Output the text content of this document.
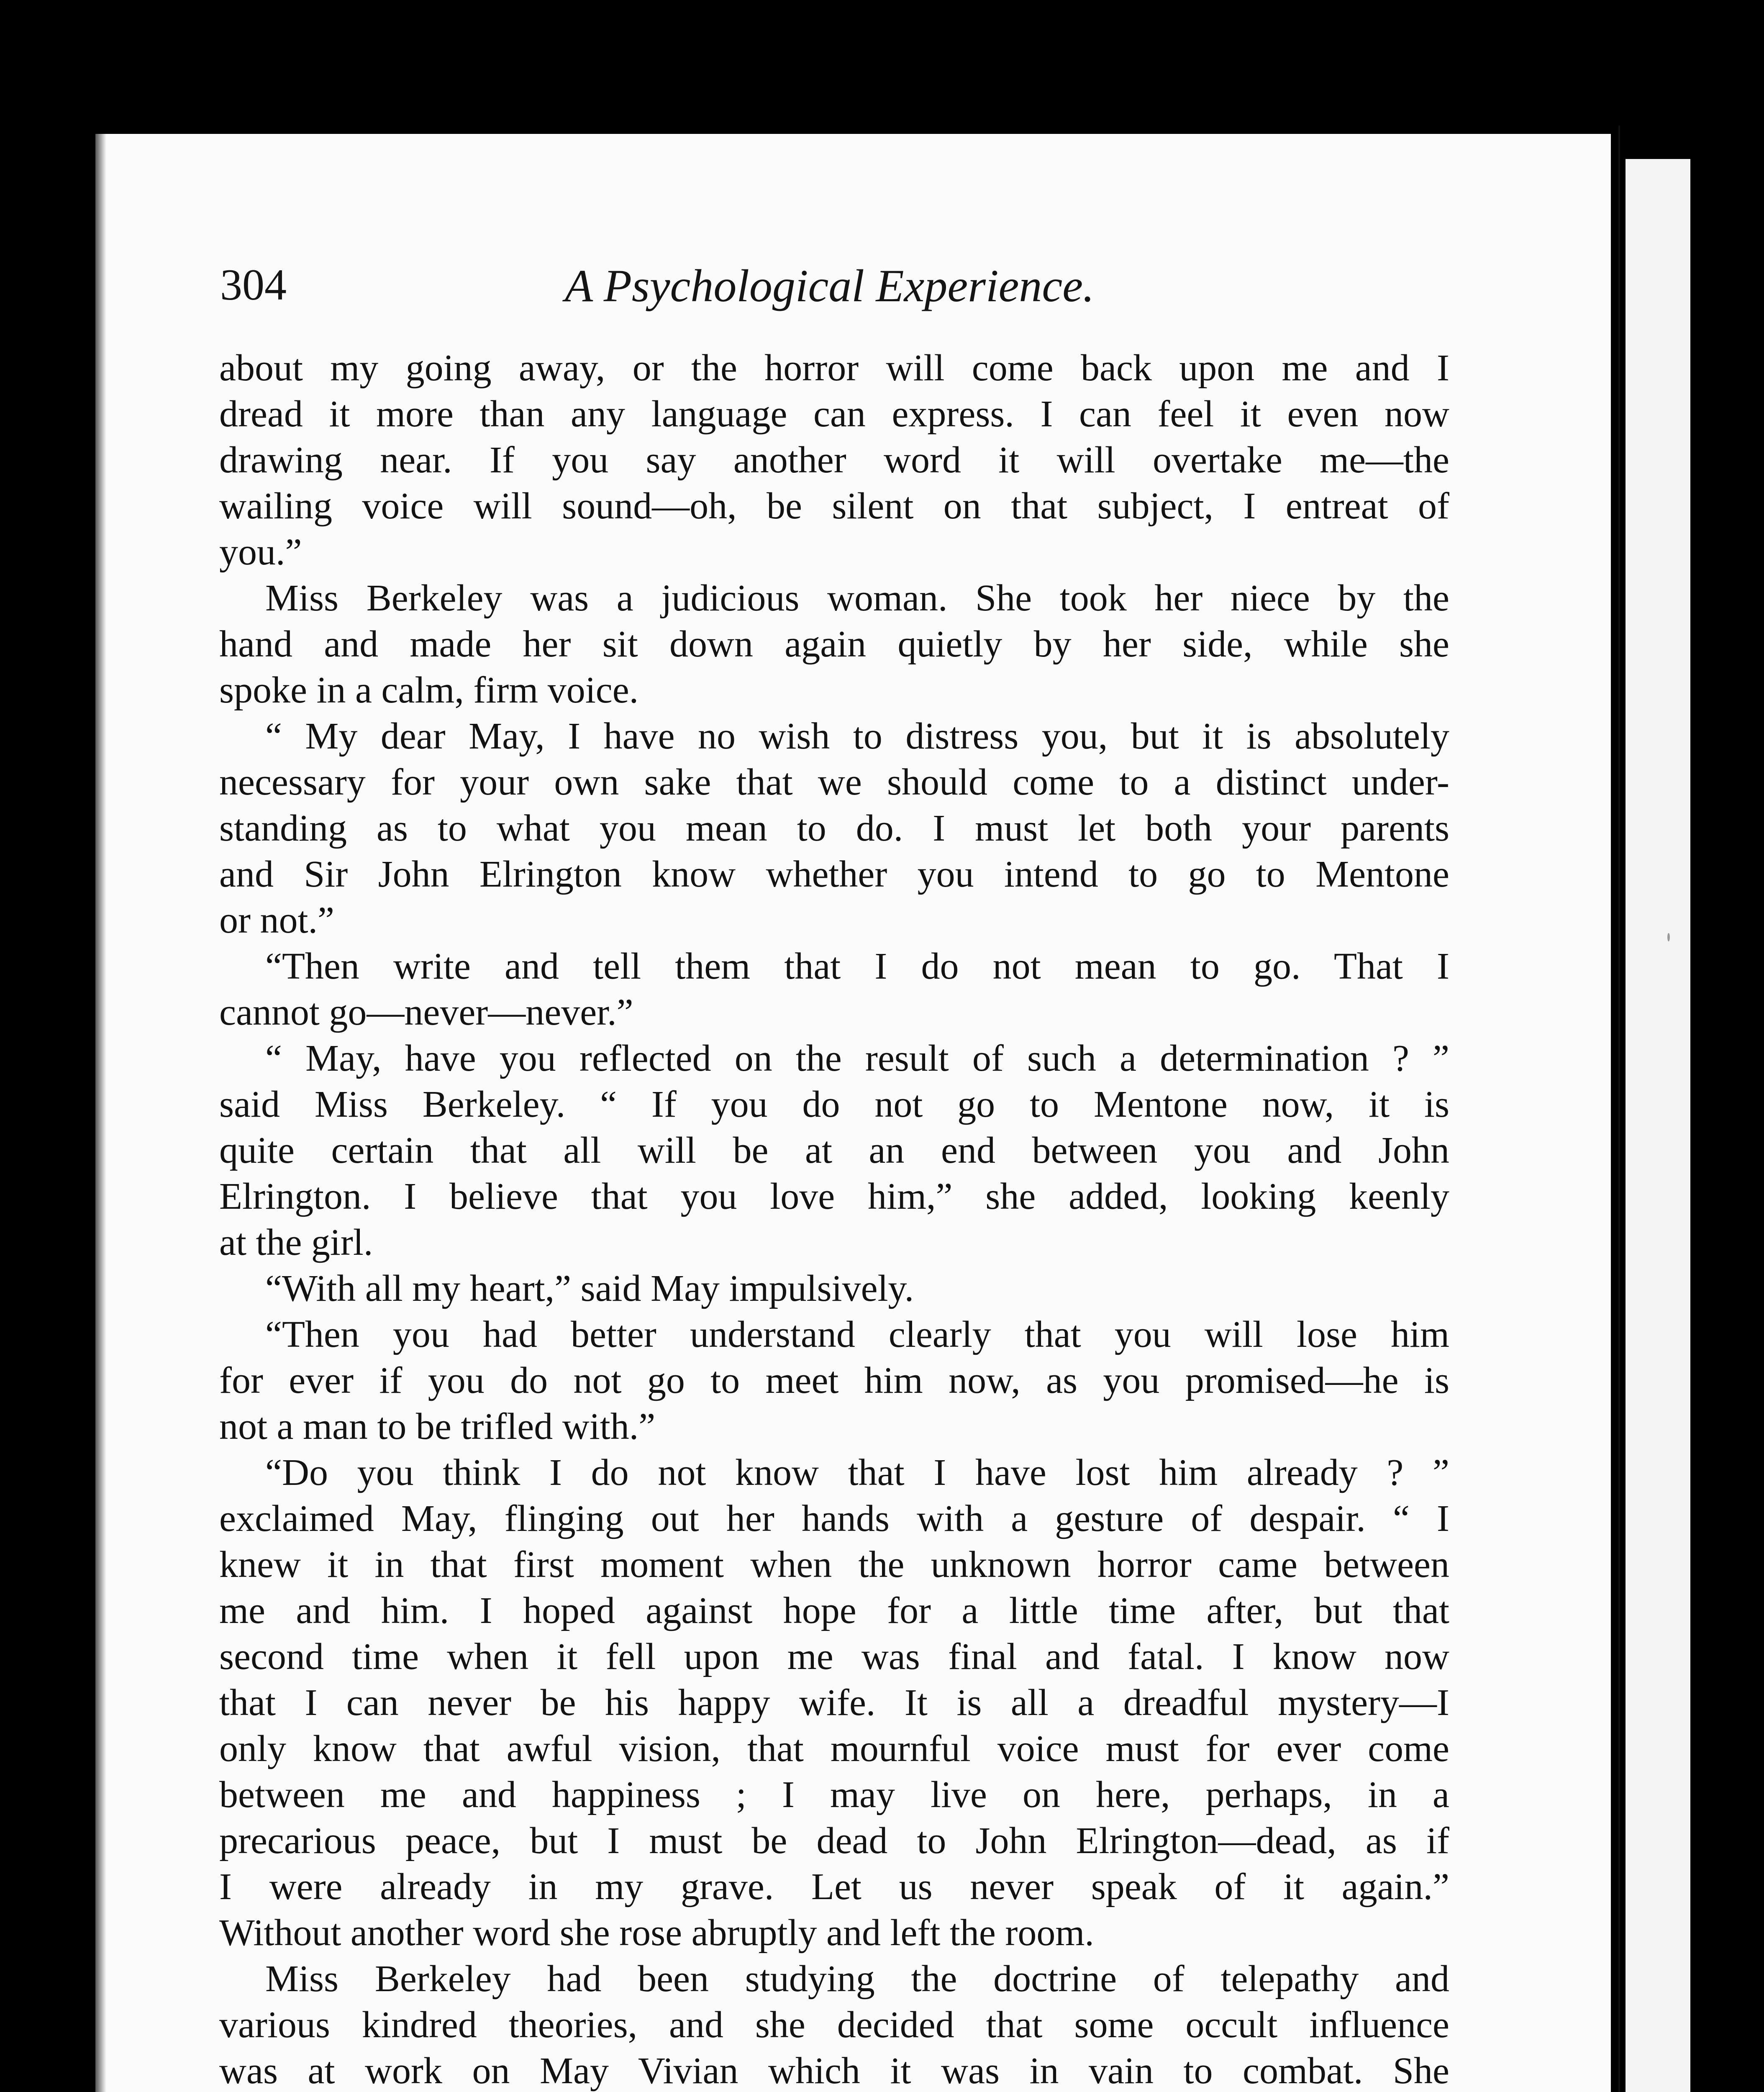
304	A Psychological Experience.
about my going away, or the horror will come back upon me and I
dread it more than any language can express. I can feel it even now
drawing near. If you say another word it will overtake me—the
wailing voice will sound—oh, be silent on that subject, I entreat of
you.”
Miss Berkeley was a judicious woman. She took her niece by the
hand and made her sit down again quietly by her side, while she
spoke in a calm, firm voice.
“ My dear May, I have no wish to distress you, but it is absolutely
necessary for your own sake that we should come to a distinct under-
standing as to what you mean to do. I must let both your parents
and Sir John Elrington know whether you intend to go to Mentone
or not.”
“Then write and tell them that I do not mean to go. That I
cannot go—never—never.”
“ May, have you reflected on the result of such a determination ? ”
said Miss Berkeley. “ If you do not go to Mentone now, it is
quite certain that all will be at an end between you and John
Elrington. I believe that you love him,” she added, looking keenly
at the girl.
“With all my heart,” said May impulsively.
“Then you had better understand clearly that you will lose him
for ever if you do not go to meet him now, as you promised—he is
not a man to be trifled with.”
“Do you think I do not know that I have lost him already ? ”
exclaimed May, flinging out her hands with a gesture of despair. “ I
knew it in that first moment when the unknown horror came between
me and him. I hoped against hope for a little time after, but that
second time when it fell upon me was final and fatal. I know now
that I can never be his happy wife. It is all a dreadful mystery—I
only know that awful vision, that mournful voice must for ever come
between me and happiness ; I may live on here, perhaps, in a
precarious peace, but I must be dead to John Elrington—dead, as if
I were already in my grave. Let us never speak of it again.”
Without another word she rose abruptly and left the room.
Miss Berkeley had been studying the doctrine of telepathy and
various kindred theories, and she decided that some occult influence
was at work on May Vivian which it was in vain to combat. She
